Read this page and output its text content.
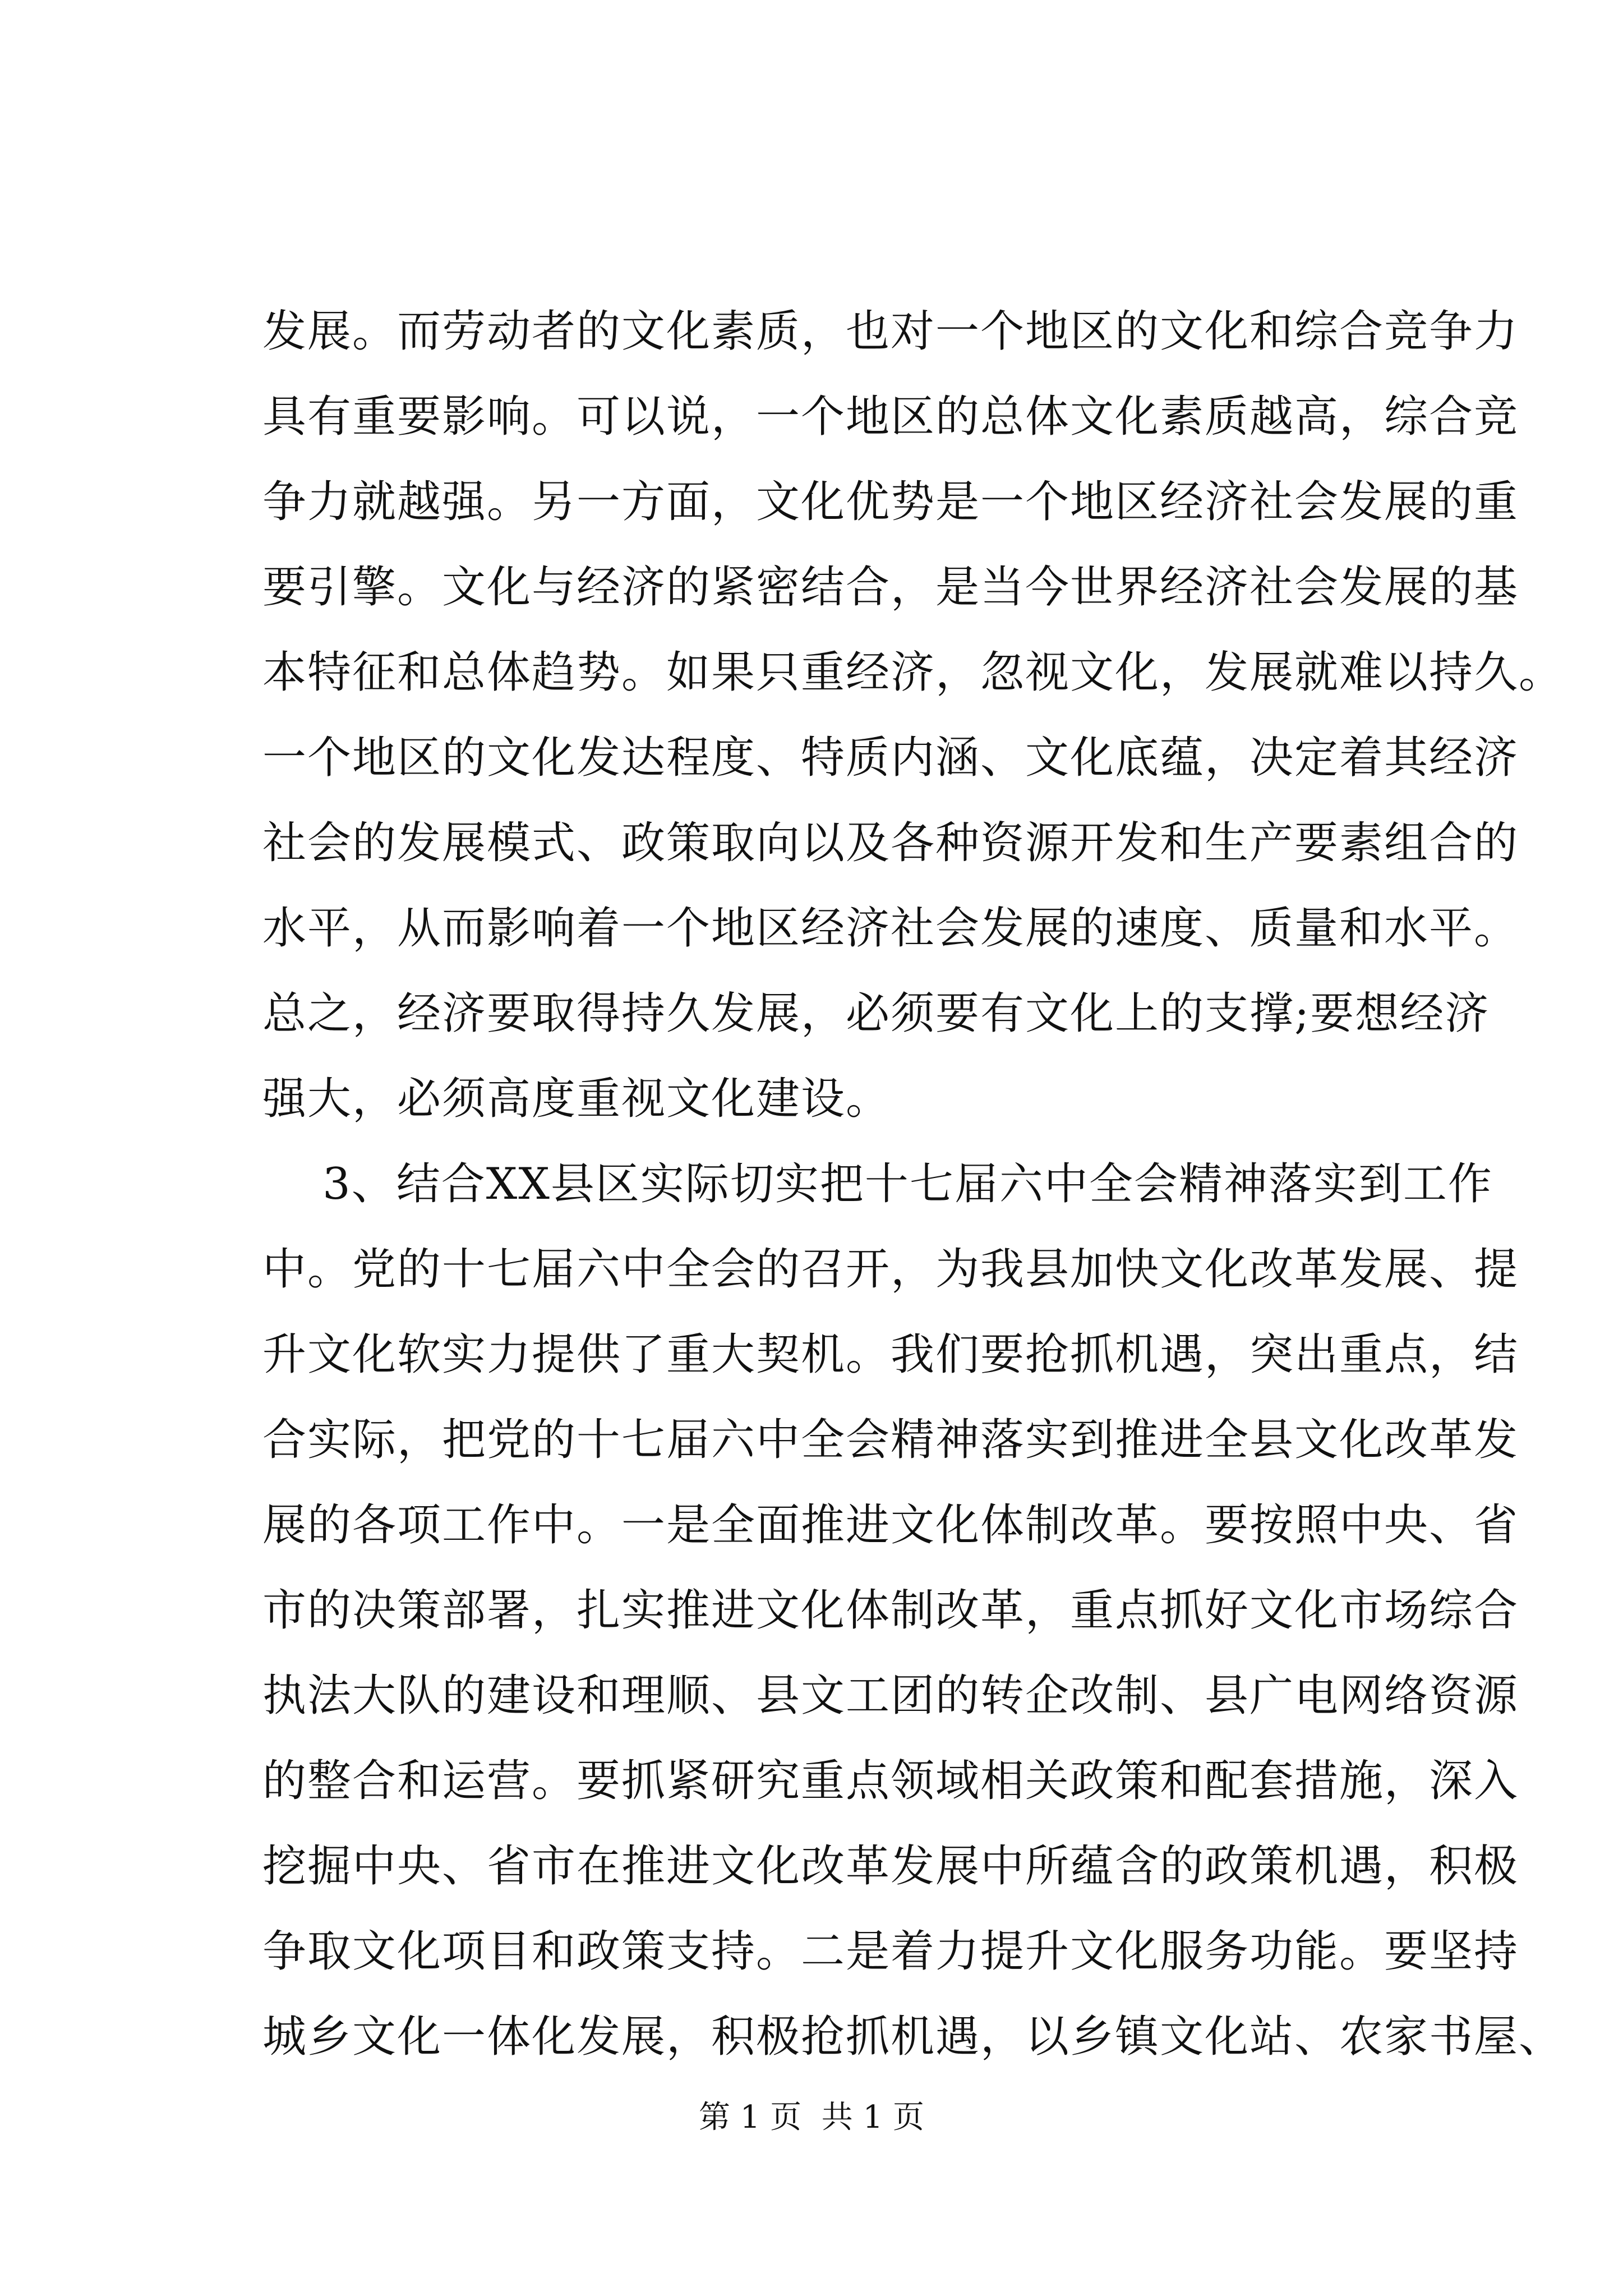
发展。而劳动者的文化素质，也对一个地区的文化和综合竞争力
具有重要影响。可以说，一个地区的总体文化素质越高，综合竞
争力就越强。另一方面，文化优势是一个地区经济社会发展的重
要引擎。文化与经济的紧密结合，是当今世界经济社会发展的基
本特征和总体趋势。如果只重经济，忽视文化，发展就难以持久。
一个地区的文化发达程度、特质内涵、文化底蕴，决定着其经济
社会的发展模式、政策取向以及各种资源开发和生产要素组合的
水平，从而影响着一个地区经济社会发展的速度、质量和水平。
总之，经济要取得持久发展，必须要有文化上的支撑;要想经济
强大，必须高度重视文化建设。
3、结合XX县区实际切实把十七届六中全会精神落实到工作
中。党的十七届六中全会的召开，为我县加快文化改革发展、提
升文化软实力提供了重大契机。我们要抢抓机遇，突出重点，结
合实际，把党的十七届六中全会精神落实到推进全县文化改革发
展的各项工作中。一是全面推进文化体制改革。要按照中央、省
市的决策部署，扎实推进文化体制改革，重点抓好文化市场综合
执法大队的建设和理顺、县文工团的转企改制、县广电网络资源
的整合和运营。要抓紧研究重点领域相关政策和配套措施，深入
挖掘中央、省市在推进文化改革发展中所蕴含的政策机遇，积极
争取文化项目和政策支持。二是着力提升文化服务功能。要坚持
城乡文化一体化发展，积极抢抓机遇，以乡镇文化站、农家书屋、
第 1 页  共 1 页
